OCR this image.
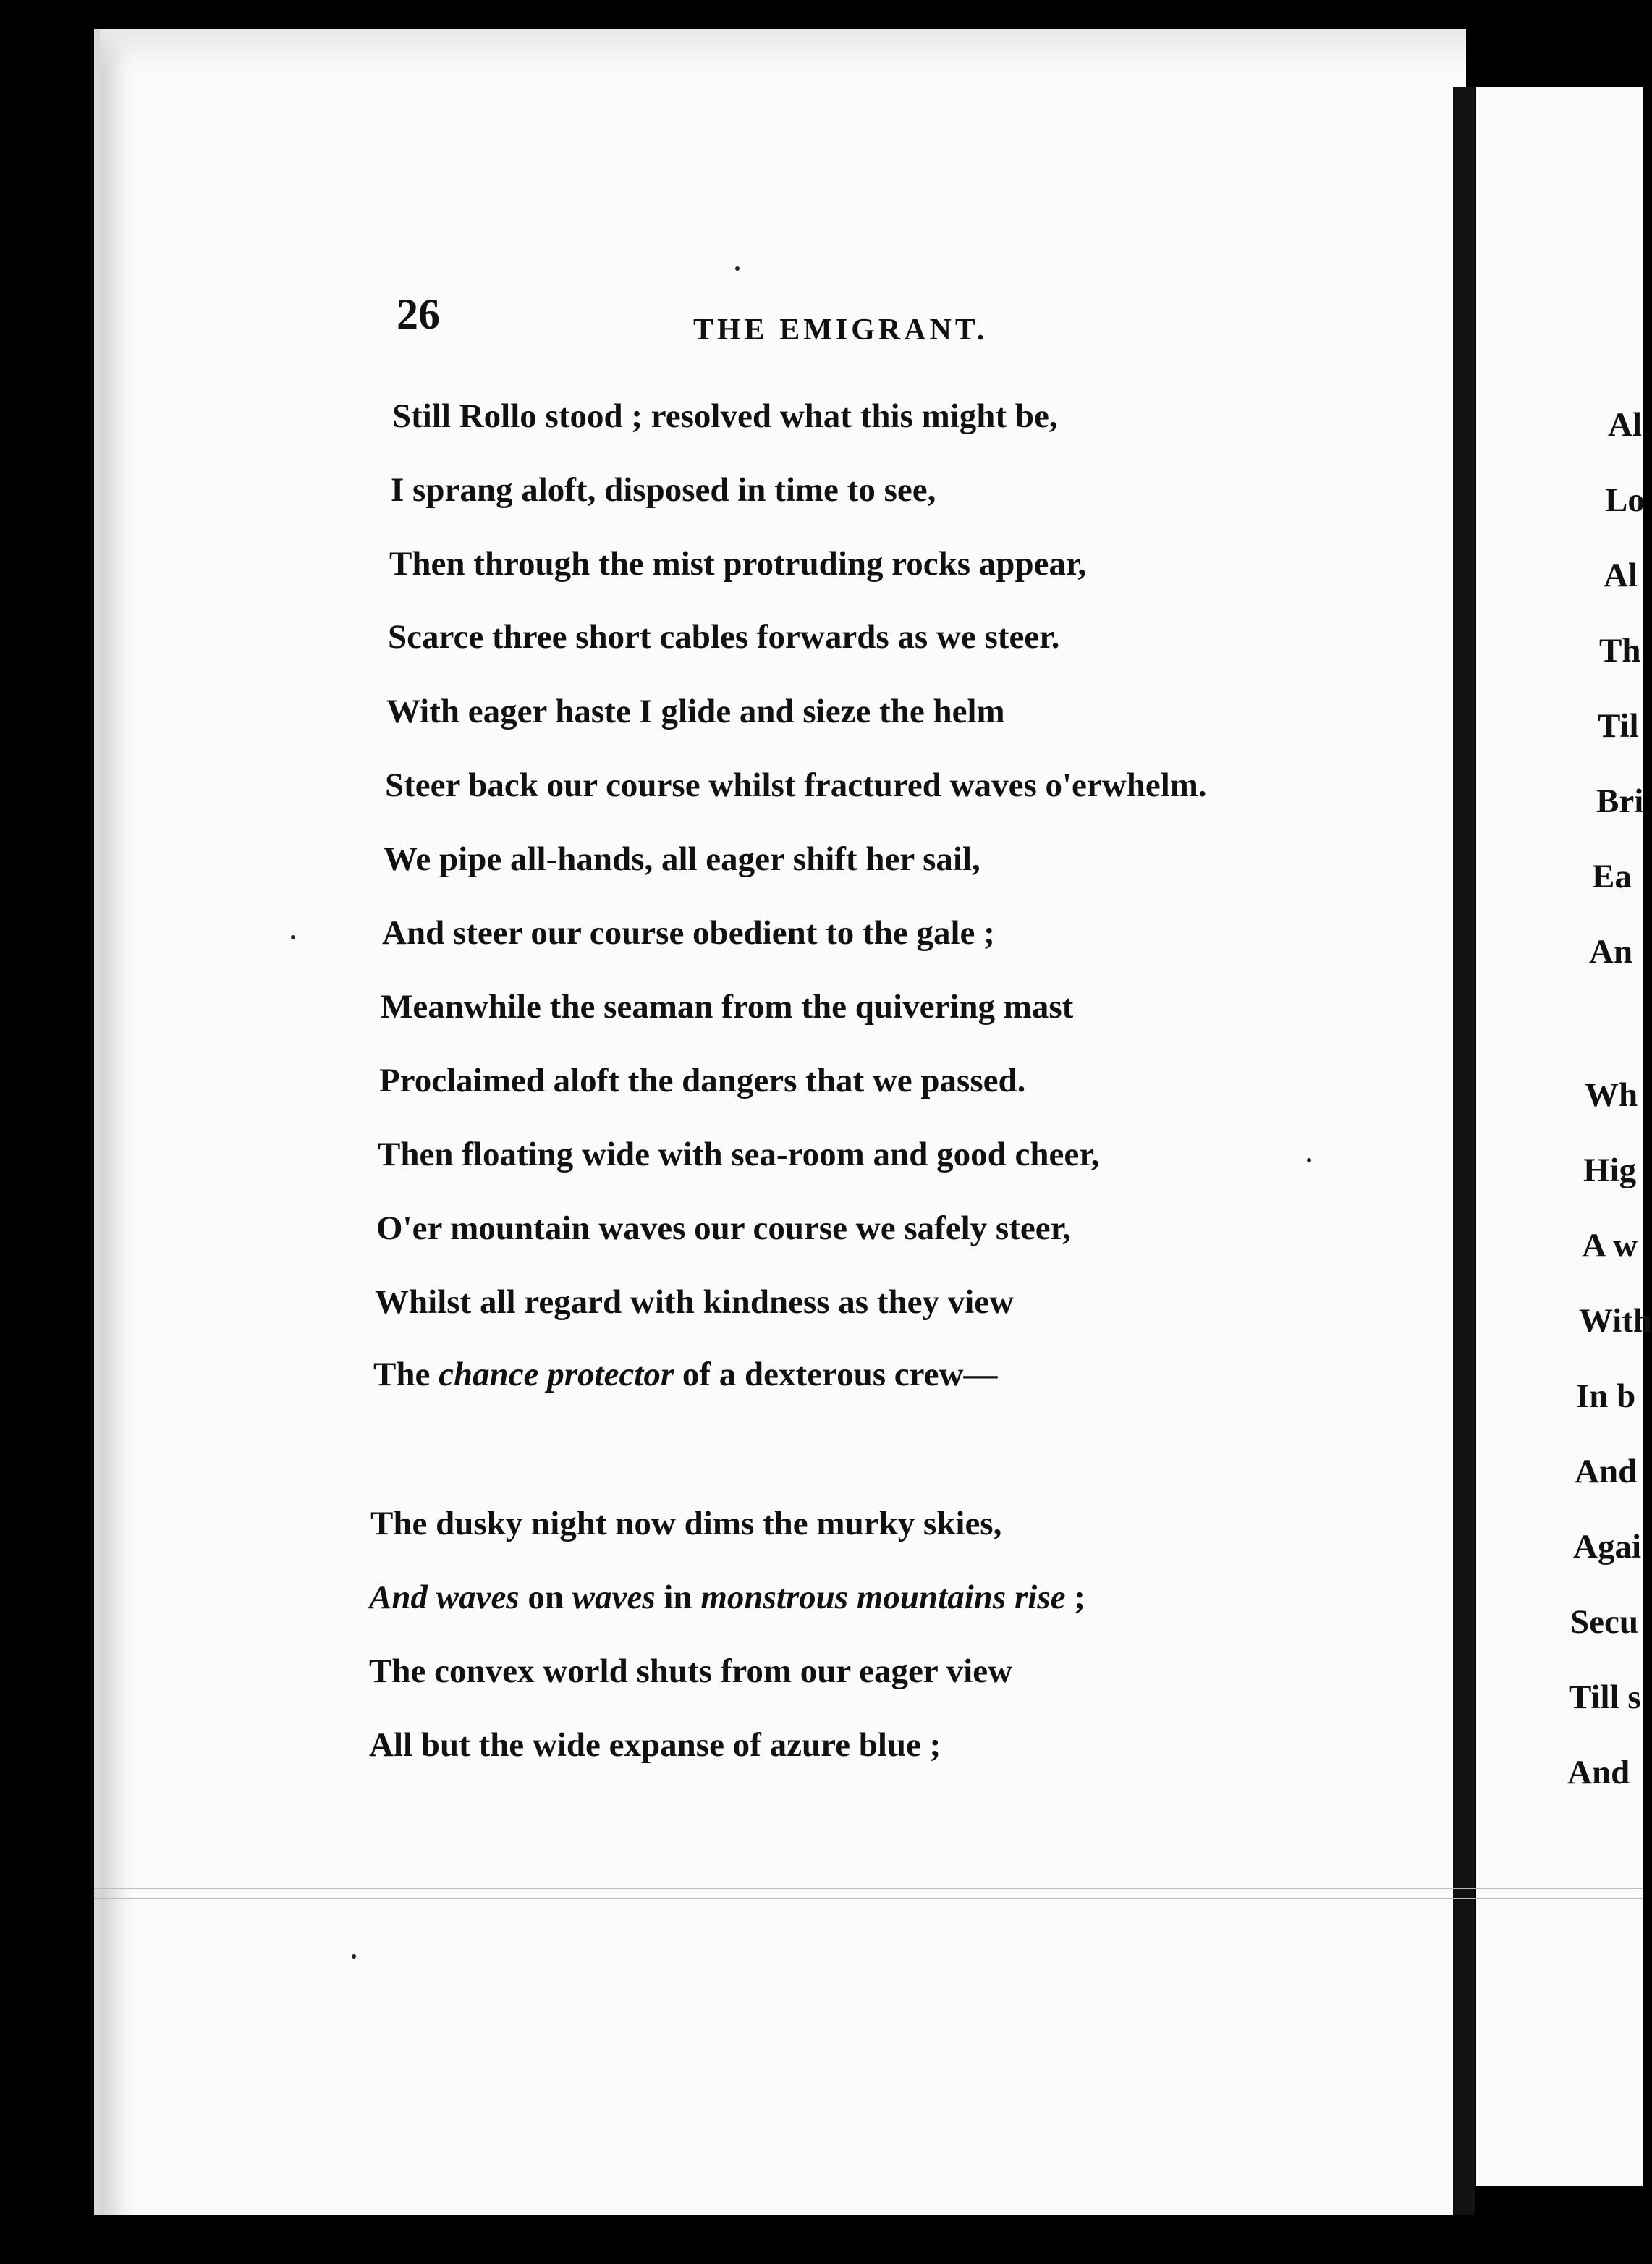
26	THE EMIGRANT.
Still Rollo stood ; resolved what this might be,
I sprang aloft, disposed in time to see,
Then through the mist protruding rocks appear,
Scarce three short cables forwards as we steer.
With eager haste I glide and sieze the helm
Steer back our course whilst fractured waves o'erwhelm.
We pipe all-hands, all eager shift her sail,
And steer our course obedient to the gale ;
Meanwhile the seaman from the quivering mast
Proclaimed aloft the dangers that we passed.
Then floating wide with sea-room and good cheer,
O'er mountain waves our course we safely steer,
Whilst all regard with kindness as they view
The chance protector of a dexterous crew—
The dusky night now dims the murky skies,
And waves on waves in monstrous mountains rise ;
The convex world shuts from our eager view
All but the wide expanse of azure blue ;
Al
Lo
Al
Th
Til
Bri
Ea
An
Wh
Hig
A w
With
In b
And
Agai
Secu
Till s
And
